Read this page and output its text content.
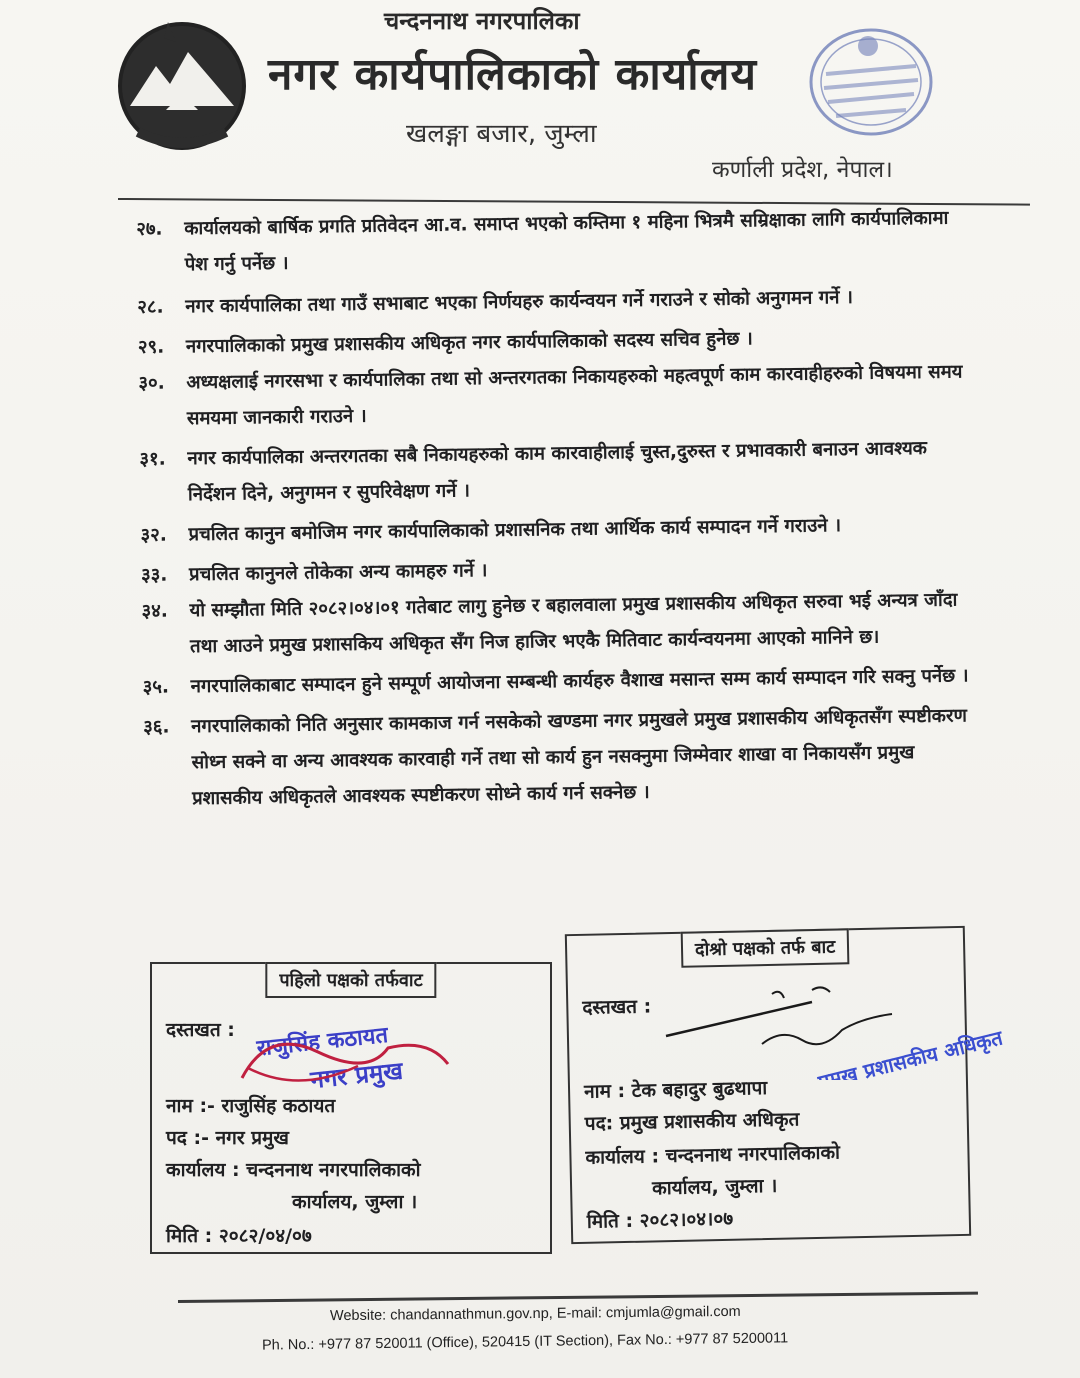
चन्दननाथ नगरपालिका
नगर कार्यपालिकाको कार्यालय
खलङ्गा बजार, जुम्ला
कर्णाली प्रदेश, नेपाल।
२७.	कार्यालयको बार्षिक प्रगति प्रतिवेदन आ.व. समाप्त भएको कम्तिमा १ महिना भित्रमै सम्रिक्षाका लागि कार्यपालिकामा पेश गर्नु पर्नेछ ।
२८.	नगर कार्यपालिका तथा गाउँ सभाबाट भएका निर्णयहरु कार्यन्वयन गर्ने गराउने र सोको अनुगमन गर्ने ।
२९.	नगरपालिकाको प्रमुख प्रशासकीय अधिकृत नगर कार्यपालिकाको सदस्य सचिव हुनेछ ।
३०.	अध्यक्षलाई नगरसभा र कार्यपालिका तथा सो अन्तरगतका निकायहरुको महत्वपूर्ण काम कारवाहीहरुको विषयमा समय समयमा जानकारी गराउने ।
३१.	नगर कार्यपालिका अन्तरगतका सबै निकायहरुको काम कारवाहीलाई चुस्त,दुरुस्त र प्रभावकारी बनाउन आवश्यक निर्देशन दिने, अनुगमन र सुपरिवेक्षण गर्ने ।
३२.	प्रचलित कानुन बमोजिम नगर कार्यपालिकाको प्रशासनिक तथा आर्थिक कार्य सम्पादन गर्ने गराउने ।
३३.	प्रचलित कानुनले तोकेका अन्य कामहरु गर्ने ।
३४.	यो सम्झौता मिति २०८२।०४।०१ गतेबाट लागु हुनेछ र बहालवाला प्रमुख प्रशासकीय अधिकृत सरुवा भई अन्यत्र जाँदा तथा आउने प्रमुख प्रशासकिय अधिकृत सँग निज हाजिर भएकै मितिवाट कार्यन्वयनमा आएको मानिने छ।
३५.	नगरपालिकाबाट सम्पादन हुने सम्पूर्ण आयोजना सम्बन्धी कार्यहरु वैशाख मसान्त सम्म कार्य सम्पादन गरि सक्नु पर्नेछ ।
३६.	नगरपालिकाको निति अनुसार कामकाज गर्न नसकेको खण्डमा नगर प्रमुखले प्रमुख प्रशासकीय अधिकृतसँग स्पष्टीकरण सोध्न सक्ने वा अन्य आवश्यक कारवाही गर्ने तथा सो कार्य हुन नसक्नुमा जिम्मेवार शाखा वा निकायसँग प्रमुख प्रशासकीय अधिकृतले आवश्यक स्पष्टीकरण सोध्ने कार्य गर्न सक्नेछ ।
पहिलो पक्षको तर्फवाट
दस्तखत :
नाम :- राजुसिंह कठायत
पद :- नगर प्रमुख
कार्यालय : चन्दननाथ नगरपालिकाको
कार्यालय, जुम्ला ।
मिति : २०८२/०४/०७
राजुसिंह कठायत
नगर प्रमुख
दोश्रो पक्षको तर्फ बाट
दस्तखत :
नाम : टेक बहादुर बुढथापा
पद: प्रमुख प्रशासकीय अधिकृत
कार्यालय : चन्दननाथ नगरपालिकाको
कार्यालय, जुम्ला ।
मिति : २०८२।०४।०७
प्रमुख प्रशासकीय अधिकृत
Website: chandannathmun.gov.np, E-mail: cmjumla@gmail.com
Ph. No.: +977 87 520011 (Office), 520415 (IT Section), Fax No.: +977 87 5200011
